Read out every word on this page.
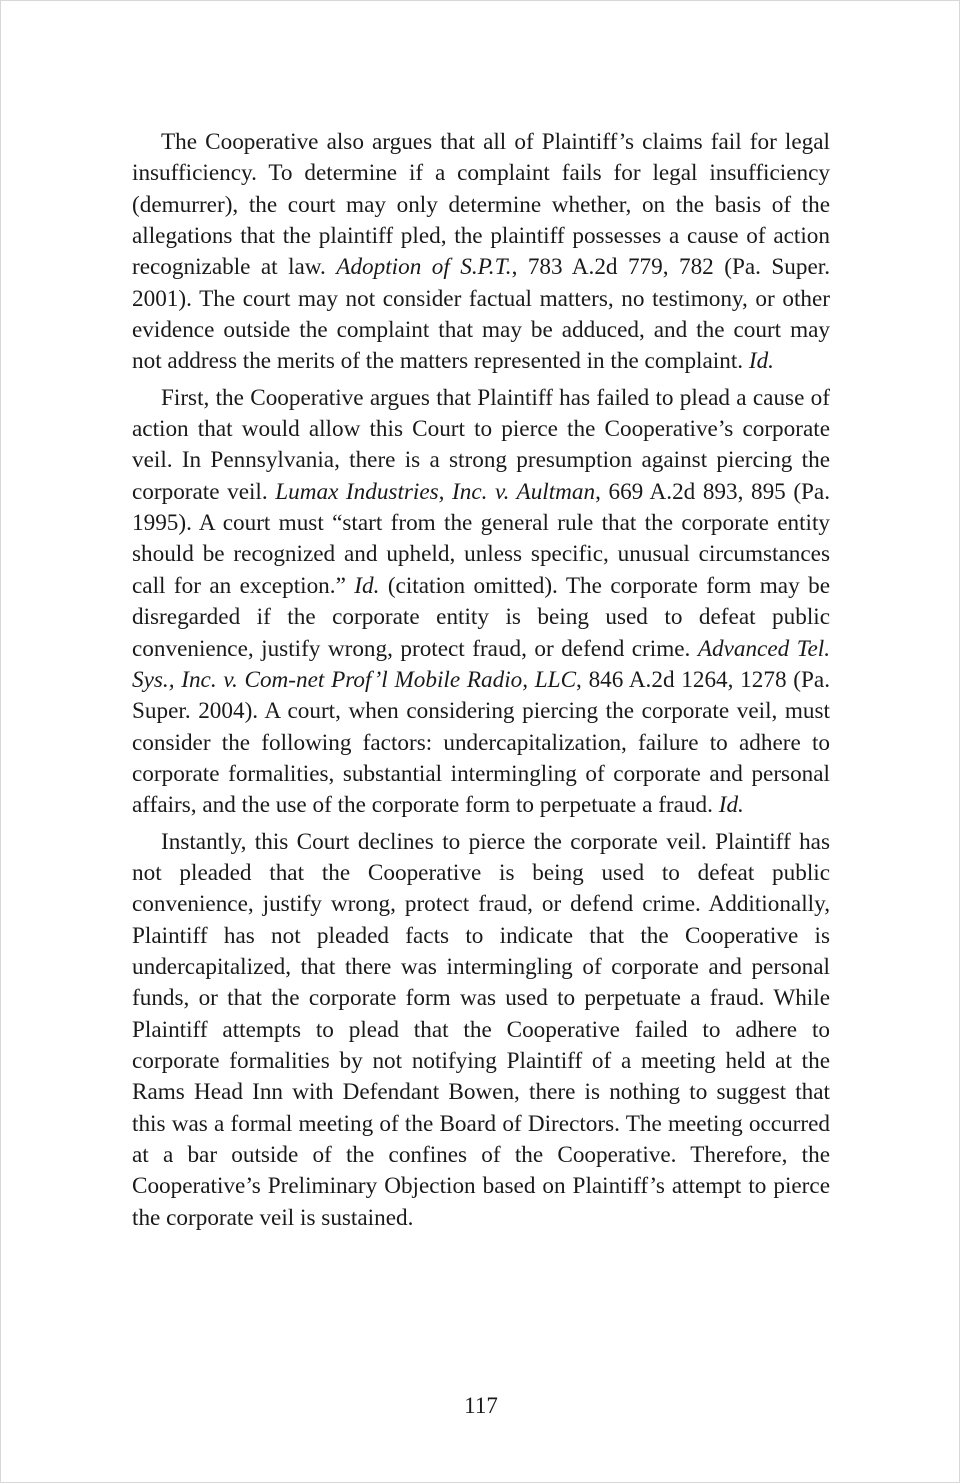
The Cooperative also argues that all of Plaintiff’s claims fail for legal insufficiency. To determine if a complaint fails for legal insufficiency (demurrer), the court may only determine whether, on the basis of the allegations that the plaintiff pled, the plaintiff possesses a cause of action recognizable at law. Adoption of S.P.T., 783 A.2d 779, 782 (Pa. Super. 2001). The court may not consider factual matters, no testimony, or other evidence outside the complaint that may be adduced, and the court may not address the merits of the matters represented in the complaint. Id.

First, the Cooperative argues that Plaintiff has failed to plead a cause of action that would allow this Court to pierce the Cooperative’s corporate veil. In Pennsylvania, there is a strong presumption against piercing the corporate veil. Lumax Industries, Inc. v. Aultman, 669 A.2d 893, 895 (Pa. 1995). A court must “start from the general rule that the corporate entity should be recognized and upheld, unless specific, unusual circumstances call for an exception.” Id. (citation omitted). The corporate form may be disregarded if the corporate entity is being used to defeat public convenience, justify wrong, protect fraud, or defend crime. Advanced Tel. Sys., Inc. v. Com-net Prof’l Mobile Radio, LLC, 846 A.2d 1264, 1278 (Pa. Super. 2004). A court, when considering piercing the corporate veil, must consider the following factors: undercapitalization, failure to adhere to corporate formalities, substantial intermingling of corporate and personal affairs, and the use of the corporate form to perpetuate a fraud. Id.

Instantly, this Court declines to pierce the corporate veil. Plaintiff has not pleaded that the Cooperative is being used to defeat public convenience, justify wrong, protect fraud, or defend crime. Additionally, Plaintiff has not pleaded facts to indicate that the Cooperative is undercapitalized, that there was intermingling of corporate and personal funds, or that the corporate form was used to perpetuate a fraud. While Plaintiff attempts to plead that the Cooperative failed to adhere to corporate formalities by not notifying Plaintiff of a meeting held at the Rams Head Inn with Defendant Bowen, there is nothing to suggest that this was a formal meeting of the Board of Directors. The meeting occurred at a bar outside of the confines of the Cooperative. Therefore, the Cooperative’s Preliminary Objection based on Plaintiff’s attempt to pierce the corporate veil is sustained.

117
